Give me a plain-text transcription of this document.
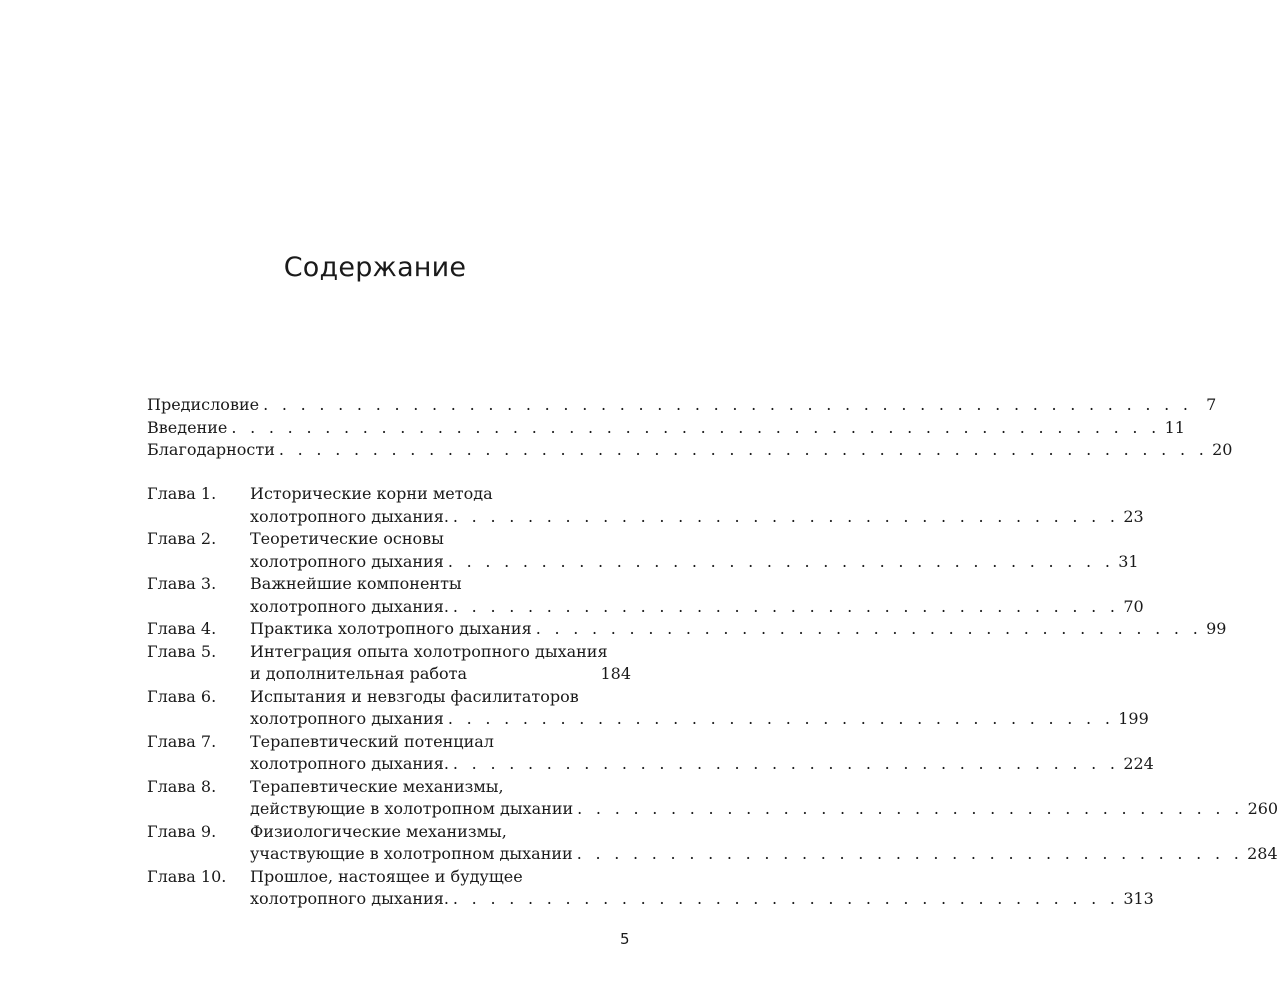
Содержание
Предисловие . . . . . . . . . . . . . . . . . . . . . . . . . . . . . . . . . . . . . . . . . . . . . . . . . . 7
Введение . . . . . . . . . . . . . . . . . . . . . . . . . . . . . . . . . . . . . . . . . . . . . . . . . . 11
Благодарности . . . . . . . . . . . . . . . . . . . . . . . . . . . . . . . . . . . . . . . . . . . . . . . . . . 20
Глава 1.	Исторические корни метода
холотропного дыхания. . . . . . . . . . . . . . . . . . . . . . . . . . . . . . . . . . . . . 23
Глава 2.	Теоретические основы
холотропного дыхания . . . . . . . . . . . . . . . . . . . . . . . . . . . . . . . . . . . . 31
Глава 3.	Важнейшие компоненты
холотропного дыхания. . . . . . . . . . . . . . . . . . . . . . . . . . . . . . . . . . . . . 70
Глава 4.	Практика холотропного дыхания . . . . . . . . . . . . . . . . . . . . . . . . . . . . . . . . . . . . 99
Глава 5.	Интеграция опыта холотропного дыхания
и дополнительная работа	184
Глава 6.	Испытания и невзгоды фасилитаторов
холотропного дыхания . . . . . . . . . . . . . . . . . . . . . . . . . . . . . . . . . . . . 199
Глава 7.	Терапевтический потенциал
холотропного дыхания. . . . . . . . . . . . . . . . . . . . . . . . . . . . . . . . . . . . . 224
Глава 8.	Терапевтические механизмы,
действующие в холотропном дыхании . . . . . . . . . . . . . . . . . . . . . . . . . . . . . . . . . . . . 260
Глава 9.	Физиологические механизмы,
участвующие в холотропном дыхании . . . . . . . . . . . . . . . . . . . . . . . . . . . . . . . . . . . . 284
Глава 10.	Прошлое, настоящее и будущее
холотропного дыхания. . . . . . . . . . . . . . . . . . . . . . . . . . . . . . . . . . . . . 313
5
